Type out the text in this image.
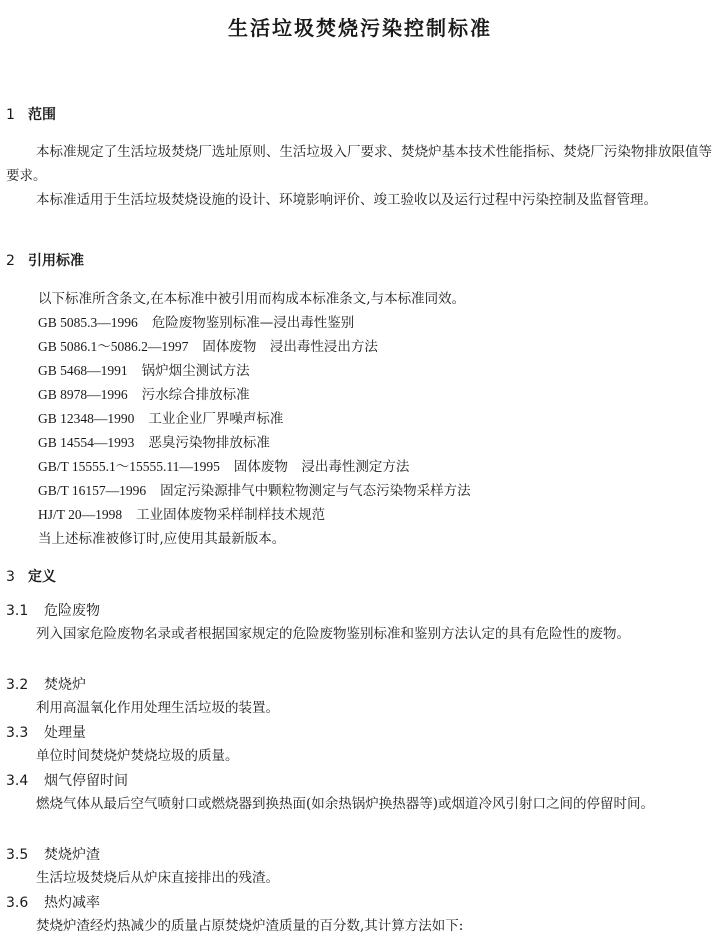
生活垃圾焚烧污染控制标准
1 范围
本标准规定了生活垃圾焚烧厂选址原则、生活垃圾入厂要求、焚烧炉基本技术性能指标、焚烧厂污染物排放限值等要求。
本标准适用于生活垃圾焚烧设施的设计、环境影响评价、竣工验收以及运行过程中污染控制及监督管理。
2 引用标准
以下标准所含条文,在本标准中被引用而构成本标准条文,与本标准同效。
GB 5085.3—1996 危险废物鉴别标准—浸出毒性鉴别
GB 5086.1～5086.2—1997 固体废物　浸出毒性浸出方法
GB 5468—1991 锅炉烟尘测试方法
GB 8978—1996 污水综合排放标准
GB 12348—1990 工业企业厂界噪声标准
GB 14554—1993 恶臭污染物排放标准
GB/T 15555.1～15555.11—1995 固体废物　浸出毒性测定方法
GB/T 16157—1996 固定污染源排气中颗粒物测定与气态污染物采样方法
HJ/T 20—1998 工业固体废物采样制样技术规范
当上述标准被修订时,应使用其最新版本。
3 定义
3.1 危险废物
列入国家危险废物名录或者根据国家规定的危险废物鉴别标准和鉴别方法认定的具有危险性的废物。
3.2 焚烧炉
利用高温氧化作用处理生活垃圾的装置。
3.3 处理量
单位时间焚烧炉焚烧垃圾的质量。
3.4 烟气停留时间
燃烧气体从最后空气喷射口或燃烧器到换热面(如余热锅炉换热器等)或烟道冷风引射口之间的停留时间。
3.5 焚烧炉渣
生活垃圾焚烧后从炉床直接排出的残渣。
3.6 热灼减率
焚烧炉渣经灼热减少的质量占原焚烧炉渣质量的百分数,其计算方法如下:
